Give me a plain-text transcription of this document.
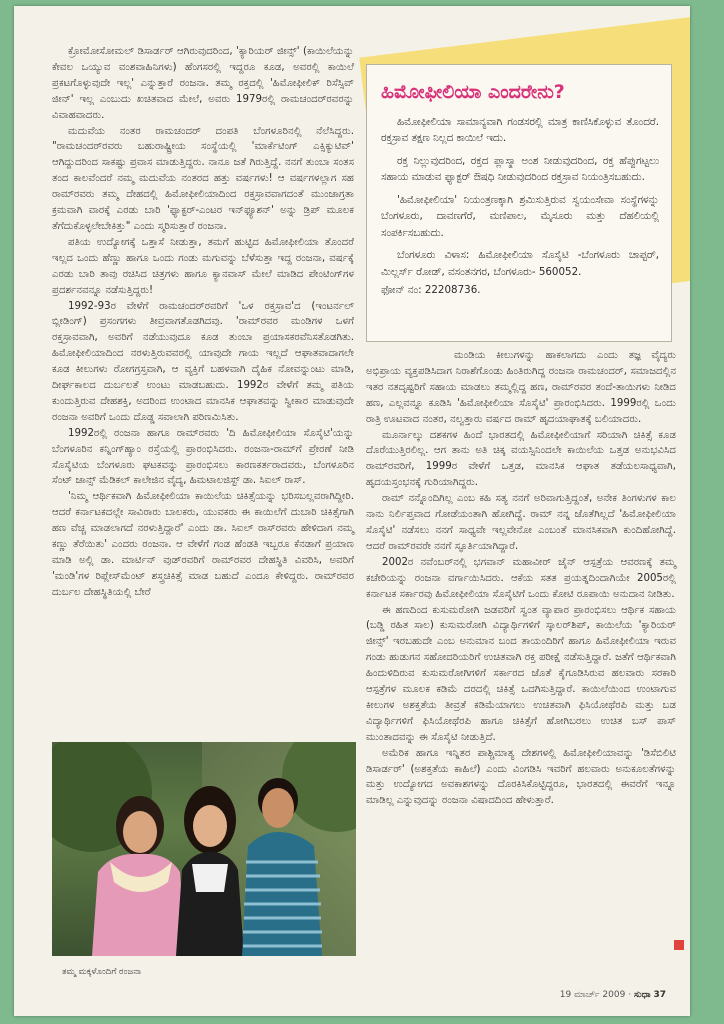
ಕ್ರೋಮೋಸೋಮಲ್ ಡಿಸಾರ್ಡರ್ ಆಗಿರುವುದರಿಂದ, 'ಕ್ಯಾರಿಯರ್ ಜೀನ್ಸ್' (ಕಾಯಿಲೆಯನ್ನು ಕೇವಲ ಒಯ್ಯುವ ವಂಶವಾಹಿನಿಗಳು) ಹೆಂಗಸರಲ್ಲಿ ಇದ್ದರೂ ಕೂಡ, ಅವರಲ್ಲಿ ಕಾಯಿಲೆ ಪ್ರಕಟಗೊಳ್ಳುವುದೇ ಇಲ್ಲ' ಎನ್ನುತ್ತಾರೆ ರಂಜನಾ. ತಮ್ಮ ರಕ್ತದಲ್ಲಿ 'ಹಿಮೋಫೀಲಿಕ್ ರಿಸೆಸ್ಸಿವ್ ಜೀನ್' ಇಲ್ಲ ಎಂಬುದು ಖಚಿತವಾದ ಮೇಲೆ, ಅವರು 1979ರಲ್ಲಿ ರಾಮಚಂದರ್‌ರವರನ್ನು ವಿವಾಹವಾದರು.

ಮದುವೆಯ ನಂತರ ರಾಮಚಂದರ್ ದಂಪತಿ ಬೆಂಗಳೂರಿನಲ್ಲಿ ನೆಲೆಸಿದ್ದರು. "ರಾಮಚಂದರ್‌ರವರು ಬಹುರಾಷ್ಟ್ರೀಯ ಸಂಸ್ಥೆಯಲ್ಲಿ 'ಮಾರ್ಕೆಟಿಂಗ್ ಎಕ್ಸಿಕ್ಯುಟಿವ್' ಆಗಿದ್ದುದರಿಂದ ಸಾಕಷ್ಟು ಪ್ರವಾಸ ಮಾಡುತ್ತಿದ್ದರು. ನಾನೂ ಜತೆ ಗಿರುತ್ತಿದ್ದೆ. ನನಗೆ ತುಂಬಾ ಸಂತಸ ತಂದ ಕಾಲವೆಂದರೆ ನಮ್ಮ ಮದುವೆಯ ನಂತರದ ಹತ್ತು ವರ್ಷಗಳು! ಆ ವರ್ಷಗಳಲ್ಲಾಗ ಸಹ ರಾಮ್‌ರವರು ತಮ್ಮ ದೇಹದಲ್ಲಿ ಹಿಮೋಫೀಲಿಯಾದಿಂದ ರಕ್ತಸ್ರಾವವಾಗದಂತೆ ಮುಂಜಾಗ್ರತಾ ಕ್ರಮವಾಗಿ ವಾರಕ್ಕೆ ಎರಡು ಬಾರಿ 'ಫ್ಯಾಕ್ಟರ್-ಎಂಟರ ಇನ್‌ಫ್ಯೂಶನ್' ಅನ್ನು ಡ್ರಿಪ್ ಮೂಲಕ ತೆಗೆದುಕೊಳ್ಳಲೇಬೇಕಿತ್ತು" ಎಂದು ಸ್ಮರಿಸುತ್ತಾರೆ ರಂಜನಾ.

ಪತಿಯ ಉದ್ಯೋಗಕ್ಕೆ ಒತ್ತಾಸೆ ನೀಡುತ್ತಾ, ತಮಗೆ ಹುಟ್ಟಿದ ಹಿಮೋಫೀಲಿಯಾ ತೊಂದರೆ ಇಲ್ಲದ ಒಂದು ಹೆಣ್ಣು ಹಾಗೂ ಒಂದು ಗಂಡು ಮಗುವನ್ನು ಬೆಳೆಸುತ್ತಾ ಇದ್ದ ರಂಜನಾ, ವರ್ಷಕ್ಕೆ ಎರಡು ಬಾರಿ ತಾವು ರಚಿಸಿದ ಚಿತ್ರಗಳು ಹಾಗೂ ಕ್ಯಾನವಾಸ್ ಮೇಲೆ ಮಾಡಿದ ಪೇಂಟಿಂಗ್‌ಗಳ ಪ್ರದರ್ಶನವನ್ನೂ ನಡೆಸುತ್ತಿದ್ದರು!

1992-93ರ ವೇಳೆಗೆ ರಾಮಚಂದರ್‌ರವರಿಗೆ 'ಒಳ ರಕ್ತಸ್ರಾವ'ದ (ಇಂಟರ್ನಲ್ ಬ್ಲೀಡಿಂಗ್) ಪ್ರಸಂಗಗಳು ತೀವ್ರವಾಗತೊಡಗಿದವು. 'ರಾಮ್‌ರವರ ಮಂಡಿಗಳ ಒಳಗೆ ರಕ್ತಸ್ರಾವವಾಗಿ, ಅವರಿಗೆ ನಡೆಯುವುದೂ ಕೂಡ ತುಂಬಾ ಪ್ರಯಾಸಕರವೆನಿಸತೊಡಗಿತು. ಹಿಮೋಫೀಲಿಯಾದಿಂದ ನರಳುತ್ತಿರುವವರಲ್ಲಿ ಯಾವುದೇ ಗಾಯ ಇಲ್ಲದೆ ಆಘಾತವಾದಾಗಲೇ ಕೂಡ ಕೀಲುಗಳು ರೋಗಗ್ರಸ್ತವಾಗಿ, ಆ ವ್ಯಕ್ತಿಗೆ ಬಹಳವಾಗಿ ದೈಹಿಕ ನೋವನ್ನುಂಟು ಮಾಡಿ, ದೀರ್ಘಕಾಲದ ದುರ್ಬಲತೆ ಉಂಟು ಮಾಡಬಹುದು. 1992ರ ವೇಳೆಗೆ ತಮ್ಮ ಪತಿಯ ಕುಂದುತ್ತಿರುವ ದೇಹಶಕ್ತಿ, ಅದರಿಂದ ಉಂಟಾದ ಮಾನಸಿಕ ಆಘಾತವನ್ನು ಸ್ವೀಕಾರ ಮಾಡುವುದೇ ರಂಜನಾ ಅವರಿಗೆ ಒಂದು ದೊಡ್ಡ ಸವಾಲಾಗಿ ಪರಿಣಮಿಸಿತು.

1992ರಲ್ಲಿ ರಂಜನಾ ಹಾಗೂ ರಾಮ್‌ರವರು 'ದಿ ಹಿಮೋಫೀಲಿಯಾ ಸೊಸೈಟಿ'ಯನ್ನು ಬೆಂಗಳೂರಿನ ಕನ್ನಿಂಗ್‌ಹ್ಯಾಂ ರಸ್ತೆಯಲ್ಲಿ ಪ್ರಾರಂಭಿಸಿದರು. ರಂಜನಾ-ರಾಮ್‌ಗೆ ಪ್ರೇರಣೆ ನೀಡಿ ಸೊಸೈಟಿಯ ಬೆಂಗಳೂರು ಘಟಕವನ್ನು ಪ್ರಾರಂಭಿಸಲು ಕಾರಣಕರ್ತರಾದವರು, ಬೆಂಗಳೂರಿನ ಸೆಂಟ್ ಜಾನ್ಸ್ ಮೆಡಿಕಲ್ ಕಾಲೇಜಿನ ವೈದ್ಯ, ಹಿಮಟಾಲಜಿಸ್ಟ್ ಡಾ. ಸಿಐಲ್ ರಾಸ್.

'ನಿಮ್ಮ ಆರ್ಥಿಕವಾಗಿ ಹಿಮೋಫೀಲಿಯಾ ಕಾಯಿಲೆಯ ಚಿಕಿತ್ಸೆಯನ್ನು ಭರಿಸಬಲ್ಲವರಾಗಿದ್ದೀರಿ. ಆದರೆ ಕರ್ನಾಟಕದಲ್ಲೇ ಸಾವಿರಾರು ಬಾಲಕರು, ಯುವಕರು ಈ ಕಾಯಿಲೆಗೆ ದುಬಾರಿ ಚಿಕಿತ್ಸೆಗಾಗಿ ಹಣ ವೆಚ್ಚ ಮಾಡಲಾಗದೆ ನರಳುತ್ತಿದ್ದಾರೆ' ಎಂದು ಡಾ. ಸಿಐಲ್ ರಾಸ್‌ರವರು ಹೇಳಿದಾಗ ನಮ್ಮ ಕಣ್ಣು ತೆರೆಯಿತು' ಎಂದರು ರಂಜನಾ. ಆ ವೇಳೆಗೆ ಗಂಡ ಹೆಂಡತಿ ಇಬ್ಬರೂ ಕೆನಡಾಗೆ ಪ್ರಯಾಣ ಮಾಡಿ ಅಲ್ಲಿ ಡಾ. ಮಾರ್ಟಿನ್ ವುಡ್‌ರವರಿಗೆ ರಾಮ್‌ರವರ ದೇಹಸ್ಥಿತಿ ವಿವರಿಸಿ, ಅವರಿಗೆ 'ಮಂಡಿ'ಗಳ ರಿಪ್ಲೇಸ್‌ಮೆಂಟ್ ಶಸ್ತ್ರಚಿಕಿತ್ಸೆ ಮಾಡ ಬಹುದೆ ಎಂದೂ ಕೇಳಿದ್ದರು. ರಾಮ್‌ರವರ ದುರ್ಬಲ ದೇಹಸ್ಥಿತಿಯಲ್ಲಿ ಬೇರೆ

ಹಿಮೋಫೀಲಿಯಾ ಎಂದರೇನು?

ಹಿಮೋಫೀಲಿಯಾ ಸಾಮಾನ್ಯವಾಗಿ ಗಂಡಸರಲ್ಲಿ ಮಾತ್ರ ಕಾಣಿಸಿಕೊಳ್ಳುವ ತೊಂದರೆ. ರಕ್ತಸ್ರಾವ ತಕ್ಷಣ ನಿಲ್ಲದ ಕಾಯಿಲೆ ಇದು.

ರಕ್ತ ನಿಲ್ಲುವುದರಿಂದ, ರಕ್ತದ ಪ್ಲಾಸ್ಮಾ ಅಂಶ ನೀಡುವುದರಿಂದ, ರಕ್ತ ಹೆಪ್ಪುಗಟ್ಟಲು ಸಹಾಯ ಮಾಡುವ ಫ್ಯಾಕ್ಟರ್ ಔಷಧಿ ನೀಡುವುದರಿಂದ ರಕ್ತಸ್ರಾವ ನಿಯಂತ್ರಿಸಬಹುದು.

'ಹಿಮೋಫೀಲಿಯಾ' ನಿಯಂತ್ರಣಕ್ಕಾಗಿ ಶ್ರಮಿಸುತ್ತಿರುವ ಸ್ವಯಂಸೇವಾ ಸಂಸ್ಥೆಗಳನ್ನು ಬೆಂಗಳೂರು, ದಾವಣಗೆರೆ, ಮಣಿಪಾಲ, ಮೈಸೂರು ಮತ್ತು ದೆಹಲಿಯಲ್ಲಿ ಸಂಪರ್ಕಿಸಬಹುದು.

ಬೆಂಗಳೂರು ವಿಳಾಸ: ಹಿಮೋಫೀಲಿಯಾ ಸೊಸೈಟಿ -ಬೆಂಗಳೂರು ಚಾಪ್ಟರ್, ಮಿಲ್ಲರ್ಸ್ ರೋಡ್, ವಸಂತನಗರ, ಬೆಂಗಳೂರು- 560052.

ಫೋನ್ ನಂ: 22208736.

ಮಂಡಿಯ ಕೀಲುಗಳನ್ನು ಹಾಕಲಾಗದು ಎಂದು ತಜ್ಞ ವೈದ್ಯರು ಅಭಿಪ್ರಾಯ ವ್ಯಕ್ತಪಡಿಸಿದಾಗ ನಿರಾಶೆಗೊಂಡು ಹಿಂತಿರುಗಿದ್ದ ರಂಜನಾ ರಾಮಚಂದರ್, ಸಮಾಜದಲ್ಲಿನ ಇತರ ನತದೃಷ್ಟರಿಗೆ ಸಹಾಯ ಮಾಡಲು ತಮ್ಮಲ್ಲಿದ್ದ ಹಣ, ರಾಮ್‌ರವರ ತಂದೆ-ತಾಯಿಗಳು ನೀಡಿದ ಹಣ, ಎಲ್ಲವನ್ನೂ ಕೂಡಿಸಿ 'ಹಿಮೋಫೀಲಿಯಾ ಸೊಸೈಟಿ' ಪ್ರಾರಂಭಿಸಿದರು. 1999ರಲ್ಲಿ ಒಂದು ರಾತ್ರಿ ಊಟವಾದ ನಂತರ, ನಲ್ವತ್ತಾರು ವರ್ಷದ ರಾಮ್ ಹೃದಯಾಘಾತಕ್ಕೆ ಬಲಿಯಾದರು.

ಮೂರ್ನಾಲ್ಕು ದಶಕಗಳ ಹಿಂದೆ ಭಾರತದಲ್ಲಿ ಹಿಮೋಫೀಲಿಯಾಗೆ ಸರಿಯಾಗಿ ಚಿಕಿತ್ಸೆ ಕೂಡ ದೊರೆಯುತ್ತಿರಲಿಲ್ಲ. ಆಗ ತಾನು ಅತಿ ಚಿಕ್ಕ ವಯಸ್ಸಿನಿಂದಲೇ ಕಾಯಿಲೆಯ ಒತ್ತಡ ಅನುಭವಿಸಿದ ರಾಮ್‌ರವರಿಗೆ, 1999ರ ವೇಳೆಗೆ ಒತ್ತಡ, ಮಾನಸಿಕ ಆಘಾತ ತಡೆಯಲಸಾಧ್ಯವಾಗಿ, ಹೃದಯಸ್ತಂಭನಕ್ಕೆ ಗುರಿಯಾಗಿದ್ದರು.

ರಾಮ್ ನನ್ನೊಂದಿಗಿಲ್ಲ ಎಂಬ ಕಹಿ ಸತ್ಯ ನನಗೆ ಅರಿವಾಗುತ್ತಿದ್ದಂತೆ, ಅನೇಕ ತಿಂಗಳುಗಳ ಕಾಲ ನಾನು ನಿರ್ಲಿಪ್ತವಾದ ಗೋಡೆಯಂತಾಗಿ ಹೋಗಿದ್ದೆ. ರಾಮ್ ನನ್ನ ಜೊತೆಗಿಲ್ಲದೆ 'ಹಿಮೋಫೀಲಿಯಾ ಸೊಸೈಟಿ' ನಡೆಸಲು ನನಗೆ ಸಾಧ್ಯವೇ ಇಲ್ಲವೇನೋ ಎಂಬಂತೆ ಮಾನಸಿಕವಾಗಿ ಕುಂದಿಹೋಗಿದ್ದೆ. ಆದರೆ ರಾಮ್‌ರವರೇ ನನಗೆ ಸ್ಫೂರ್ತಿಯಾಗಿದ್ದಾರೆ.

2002ರ ನವೆಂಬರ್‌ನಲ್ಲಿ ಭಗವಾನ್ ಮಹಾವೀರ್ ಜೈನ್ ಆಸ್ಪತ್ರೆಯ ಆವರಣಕ್ಕೆ ತಮ್ಮ ಕಚೇರಿಯನ್ನು ರಂಜನಾ ವರ್ಗಾಯಿಸಿದರು. ಆಕೆಯ ಸತತ ಪ್ರಯತ್ನದಿಂದಾಗಿಯೇ 2005ರಲ್ಲಿ ಕರ್ನಾಟಕ ಸರ್ಕಾರವು ಹಿಮೋಫೀಲಿಯಾ ಸೊಸೈಟಿಗೆ ಒಂದು ಕೋಟಿ ರೂಪಾಯಿ ಅನುದಾನ ನೀಡಿತು.

ಈ ಹಣದಿಂದ ಕುಸುಮರೋಗಿ ಜಡವರಿಗೆ ಸ್ವಂತ ವ್ಯಾಪಾರ ಪ್ರಾರಂಭಿಸಲು ಆರ್ಥಿಕ ಸಹಾಯ (ಬಡ್ಡಿ ರಹಿತ ಸಾಲ) ಕುಸುಮರೋಗಿ ವಿದ್ಯಾರ್ಥಿಗಳಿಗೆ ಸ್ಕಾಲರ್‌ಶಿಪ್, ಕಾಯಿಲೆಯ 'ಕ್ಯಾರಿಯರ್ ಜೀನ್ಸ್' ಇರಬಹುದೇ ಎಂಬ ಅನುಮಾನ ಬಂದ ತಾಯಂದಿರಿಗೆ ಹಾಗೂ ಹಿಮೋಫೀಲಿಯಾ ಇರುವ ಗಂಡು ಹುಡುಗನ ಸಹೋದರಿಯರಿಗೆ ಉಚಿತವಾಗಿ ರಕ್ತ ಪರೀಕ್ಷೆ ನಡೆಸುತ್ತಿದ್ದಾರೆ. ಜತೆಗೆ ಆರ್ಥಿಕವಾಗಿ ಹಿಂದುಳಿದಿರುವ ಕುಸುಮರೋಗಿಗಳಿಗೆ ಸರ್ಕಾರದ ಜೊತೆ ಕೈಗೂಡಿಸಿರುವ ಹಲವಾರು ಸರಕಾರಿ ಆಸ್ಪತ್ರೆಗಳ ಮೂಲಕ ಕಡಿಮೆ ದರದಲ್ಲಿ ಚಿಕಿತ್ಸೆ ಒದಗಿಸುತ್ತಿದ್ದಾರೆ. ಕಾಯಿಲೆಯಿಂದ ಉಂಟಾಗುವ ಕೀಲುಗಳ ಅಶಕ್ತತೆಯ ತೀವ್ರತೆ ಕಡಿಮೆಯಾಗಲು ಉಚಿತವಾಗಿ ಫಿಸಿಯೋಥೆರಪಿ ಮತ್ತು ಬಡ ವಿದ್ಯಾರ್ಥಿಗಳಿಗೆ ಫಿಸಿಯೋಥೆರಪಿ ಹಾಗೂ ಚಿಕಿತ್ಸೆಗೆ ಹೋಗಿಬರಲು ಉಚಿತ ಬಸ್ ಪಾಸ್ ಮುಂತಾದವನ್ನು ಈ ಸೊಸೈಟಿ ನೀಡುತ್ತಿದೆ.

ಅಮೆರಿಕ ಹಾಗೂ ಇನ್ನಿತರ ಪಾಶ್ಚಿಮಾತ್ಯ ದೇಶಗಳಲ್ಲಿ ಹಿಮೋಫೀಲಿಯಾವನ್ನು 'ಡಿಸೆಬಿಲಿಟಿ ಡಿಸಾರ್ಡರ್' (ಅಶಕ್ತತೆಯ ಕಾಹಿಲೆ) ಎಂದು ವಿಂಗಡಿಸಿ ಇವರಿಗೆ ಹಲವಾರು ಅನುಕೂಲತೆಗಳನ್ನು ಮತ್ತು ಉದ್ಯೋಗದ ಅವಕಾಶಗಳನ್ನು ದೊರಕಿಸಿಕೊಟ್ಟಿದ್ದರೂ, ಭಾರತದಲ್ಲಿ ಈವರೆಗೆ ಇನ್ನೂ ಮಾಡಿಲ್ಲ ಎನ್ನುವುದನ್ನು ರಂಜನಾ ವಿಷಾದದಿಂದ ಹೇಳುತ್ತಾರೆ.

ತಮ್ಮ ಮಕ್ಕಳೊಂದಿಗೆ ರಂಜನಾ
19 ಮಾರ್ಚ್ 2009 · ಸುಧಾ 37
